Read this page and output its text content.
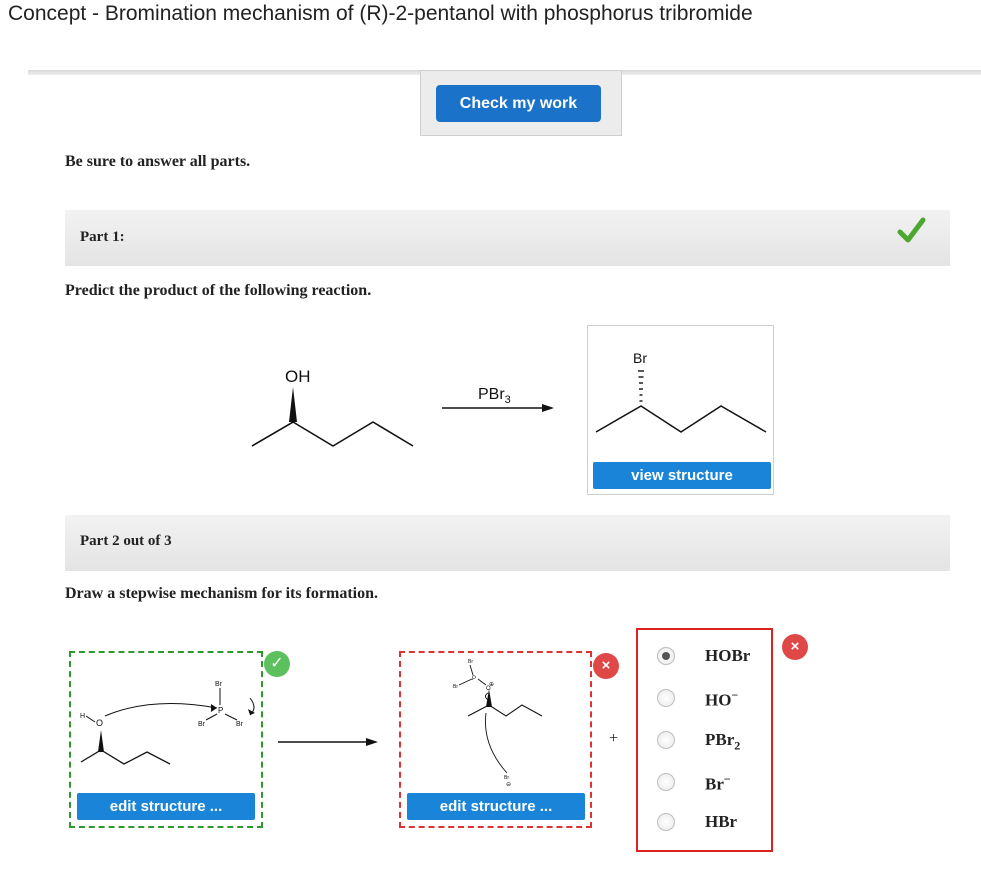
Concept - Bromination mechanism of (R)-2-pentanol with phosphorus tribromide
Check my work
Be sure to answer all parts.
Part 1:
Predict the product of the following reaction.
OH
PBr$_3$
Br
view structure
Part 2 out of 3
Draw a stepwise mechanism for its formation.
H
O
Br
P
Br	Br
edit structure ...
✓	Br
Br
P
O
Br
⊕
⊖
edit structure ...
×
+
×
HOBr
HO−
PBr$_2$
Br−
HBr
